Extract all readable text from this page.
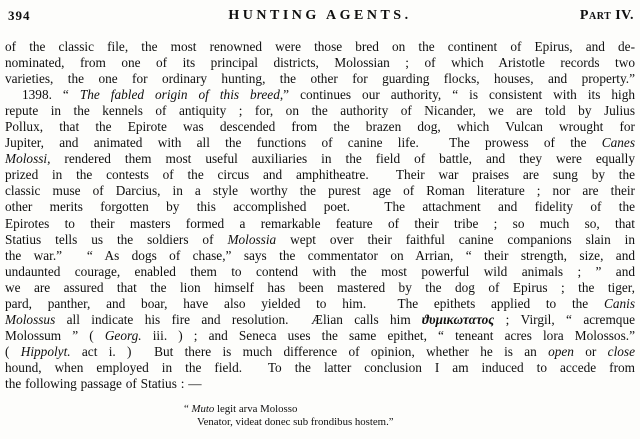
394	HUNTING AGENTS.	Part IV.
of the classic file, the most renowned were those bred on the continent of Epirus, and de-
nominated, from one of its principal districts, Molossian ; of which Aristotle records two
varieties, the one for ordinary hunting, the other for guarding flocks, houses, and property.”
1398. “ The fabled origin of this breed,” continues our authority, “ is consistent with its high
repute in the kennels of antiquity ; for, on the authority of Nicander, we are told by Julius
Pollux, that the Epirote was descended from the brazen dog, which Vulcan wrought for
Jupiter, and animated with all the functions of canine life.  The prowess of the Canes
Molossi, rendered them most useful auxiliaries in the field of battle, and they were equally
prized in the contests of the circus and amphitheatre.  Their war praises are sung by the
classic muse of Darcius, in a style worthy the purest age of Roman literature ; nor are their
other merits forgotten by this accomplished poet.  The attachment and fidelity of the
Epirotes to their masters formed a remarkable feature of their tribe ; so much so, that
Statius tells us the soldiers of Molossia wept over their faithful canine companions slain in
the war.”  “ As dogs of chase,” says the commentator on Arrian, “ their strength, size, and
undaunted courage, enabled them to contend with the most powerful wild animals ; ” and
we are assured that the lion himself has been mastered by the dog of Epirus ; the tiger,
pard, panther, and boar, have also yielded to him.  The epithets applied to the Canis
Molossus all indicate his fire and resolution.  Ælian calls him ϑυμικωτατος ; Virgil, “ acremque
Molossum ” ( Georg. iii. ) ; and Seneca uses the same epithet, “ teneant acres lora Molossos.”
( Hippolyt. act i. )  But there is much difference of opinion, whether he is an open or close
hound, when employed in the field.  To the latter conclusion I am induced to accede from
the following passage of Statius : —
“ Muto legit arva Molosso
Venator, videat donec sub frondibus hostem.”
